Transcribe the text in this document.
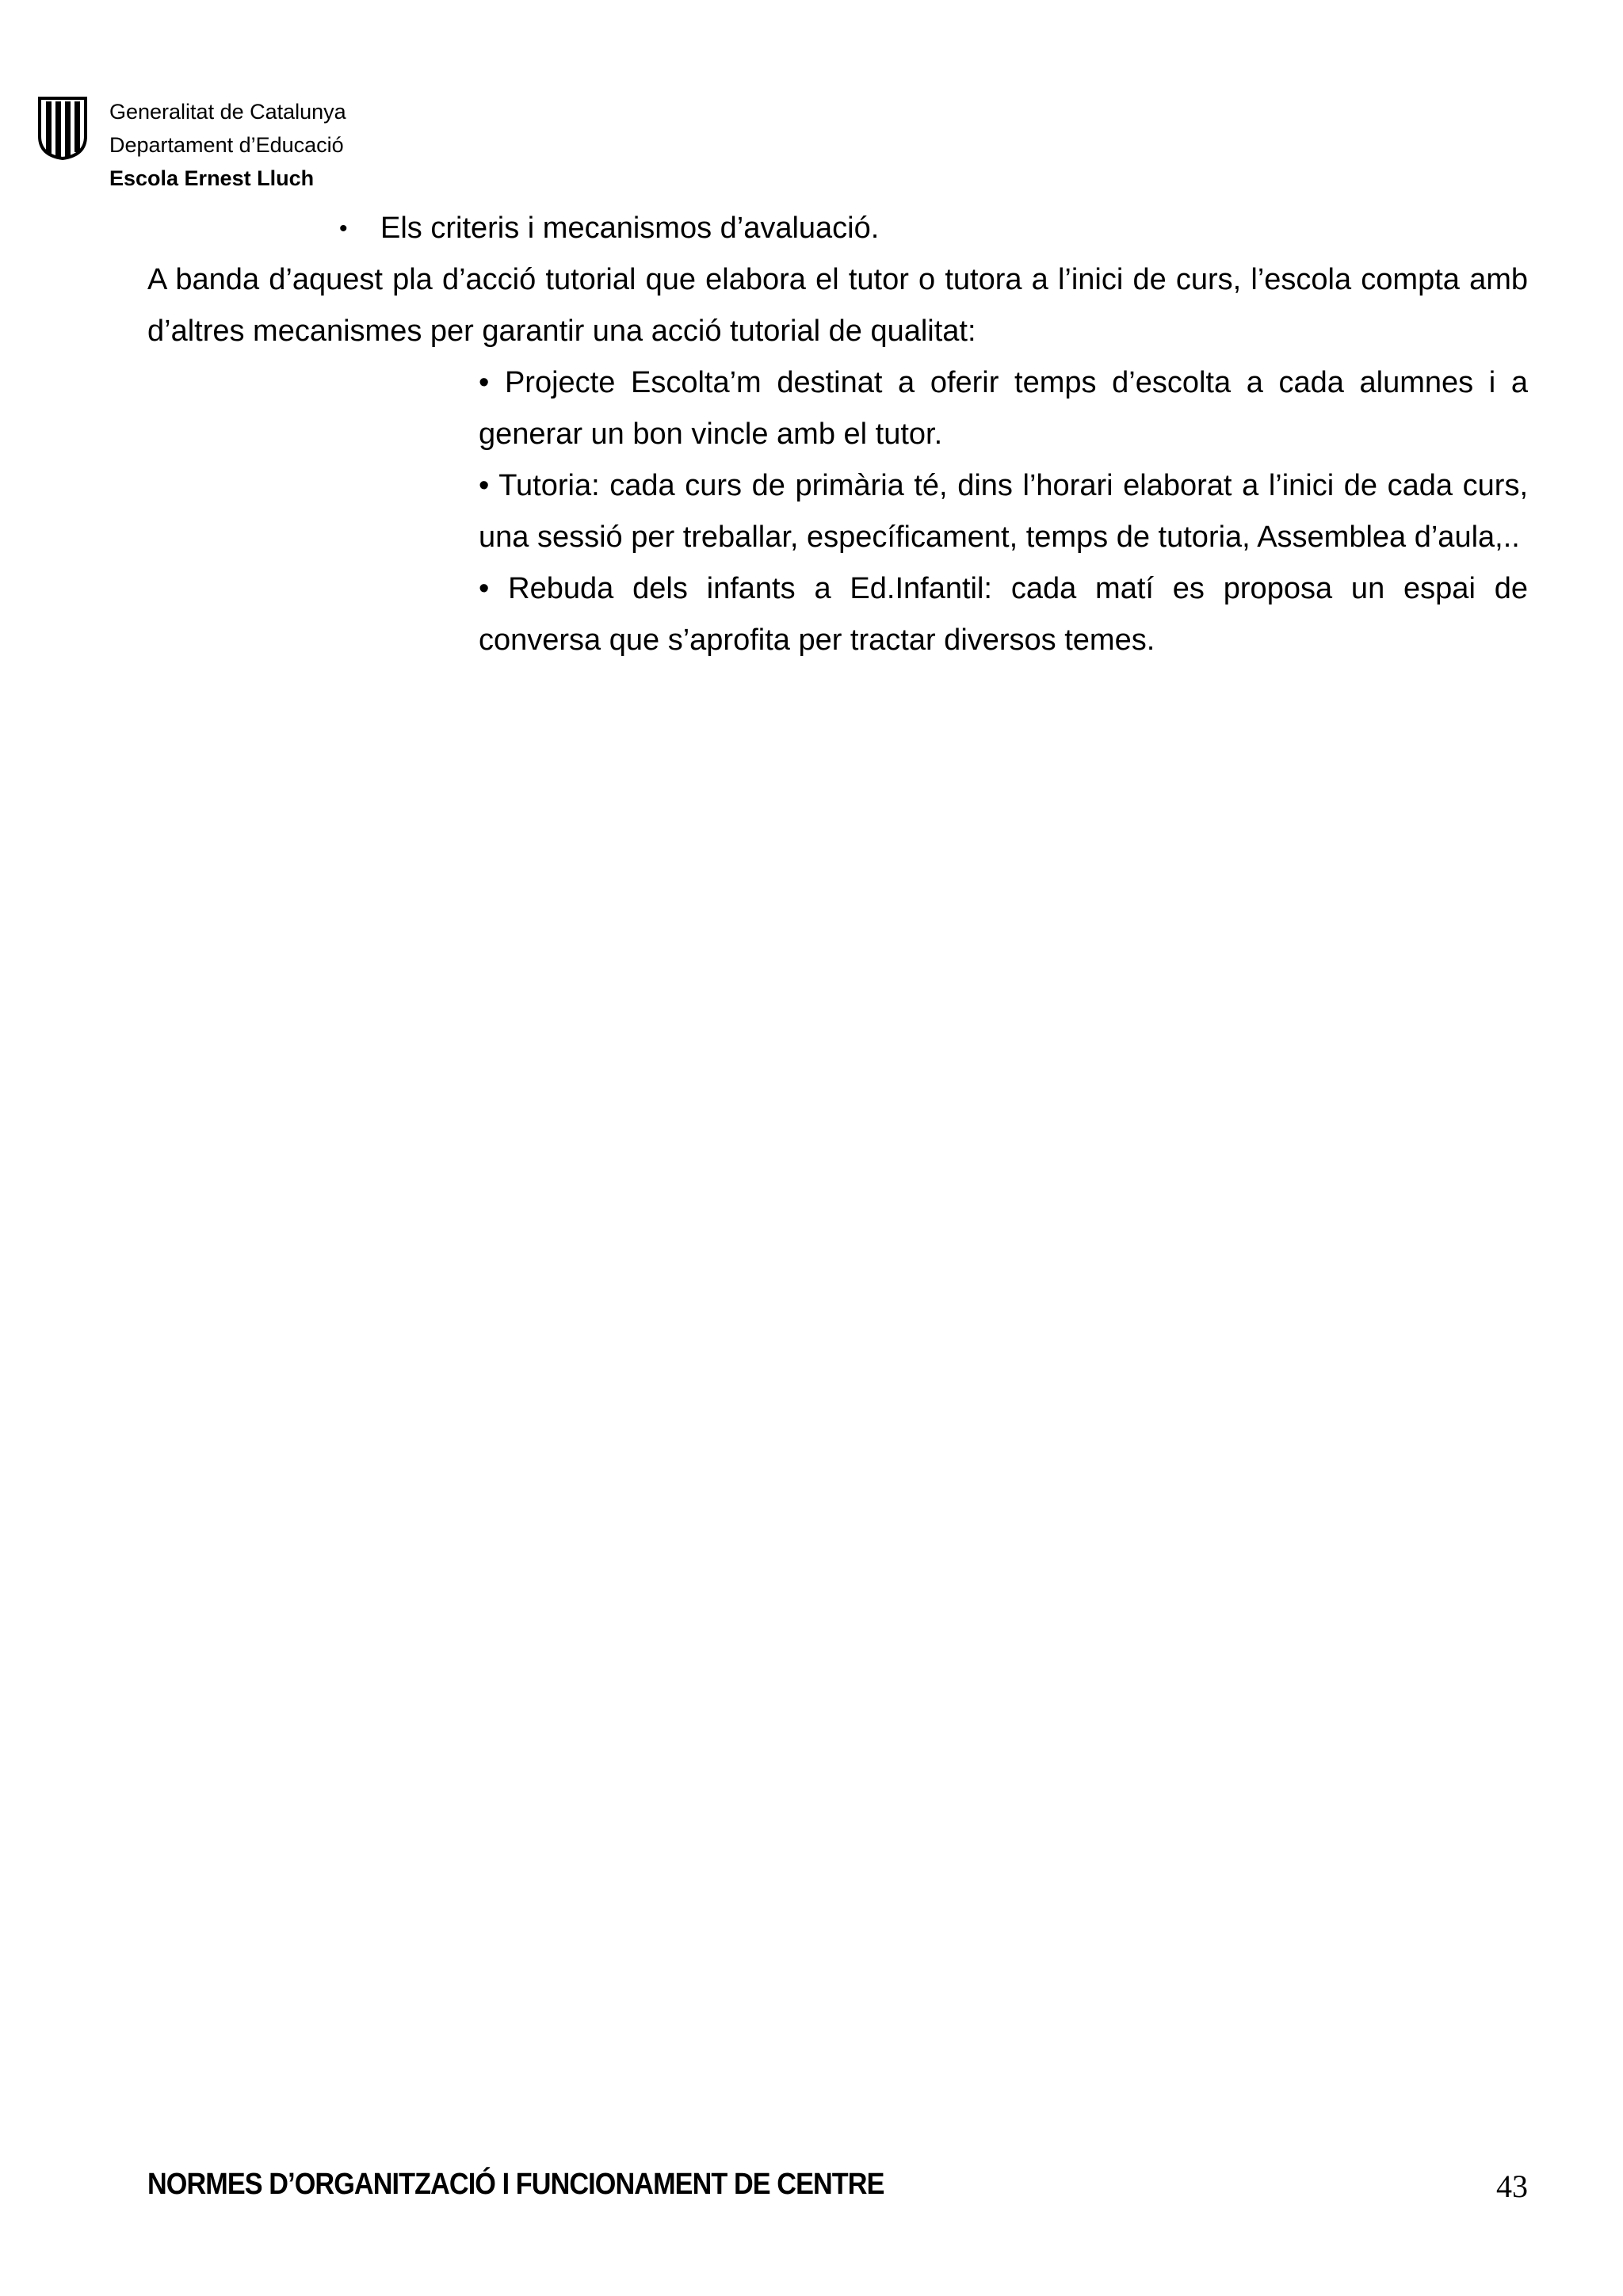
Generalitat de Catalunya
Departament d’Educació
Escola Ernest Lluch
• Els criteris i mecanismos d’avaluació.
A banda d’aquest pla d’acció tutorial que elabora el tutor o tutora a l’inici de curs, l’escola compta amb d’altres mecanismes per garantir una acció tutorial de qualitat:
• Projecte Escolta’m destinat a oferir temps d’escolta a cada alumnes i a generar un bon vincle amb el tutor.
• Tutoria: cada curs de primària té, dins l’horari elaborat a l’inici de cada curs, una sessió per treballar, específicament, temps de tutoria, Assemblea d’aula,..
• Rebuda dels infants a Ed.Infantil: cada matí es proposa un espai de conversa que s’aprofita per tractar diversos temes.
NORMES D’ORGANITZACIÓ I FUNCIONAMENT DE CENTRE	43
